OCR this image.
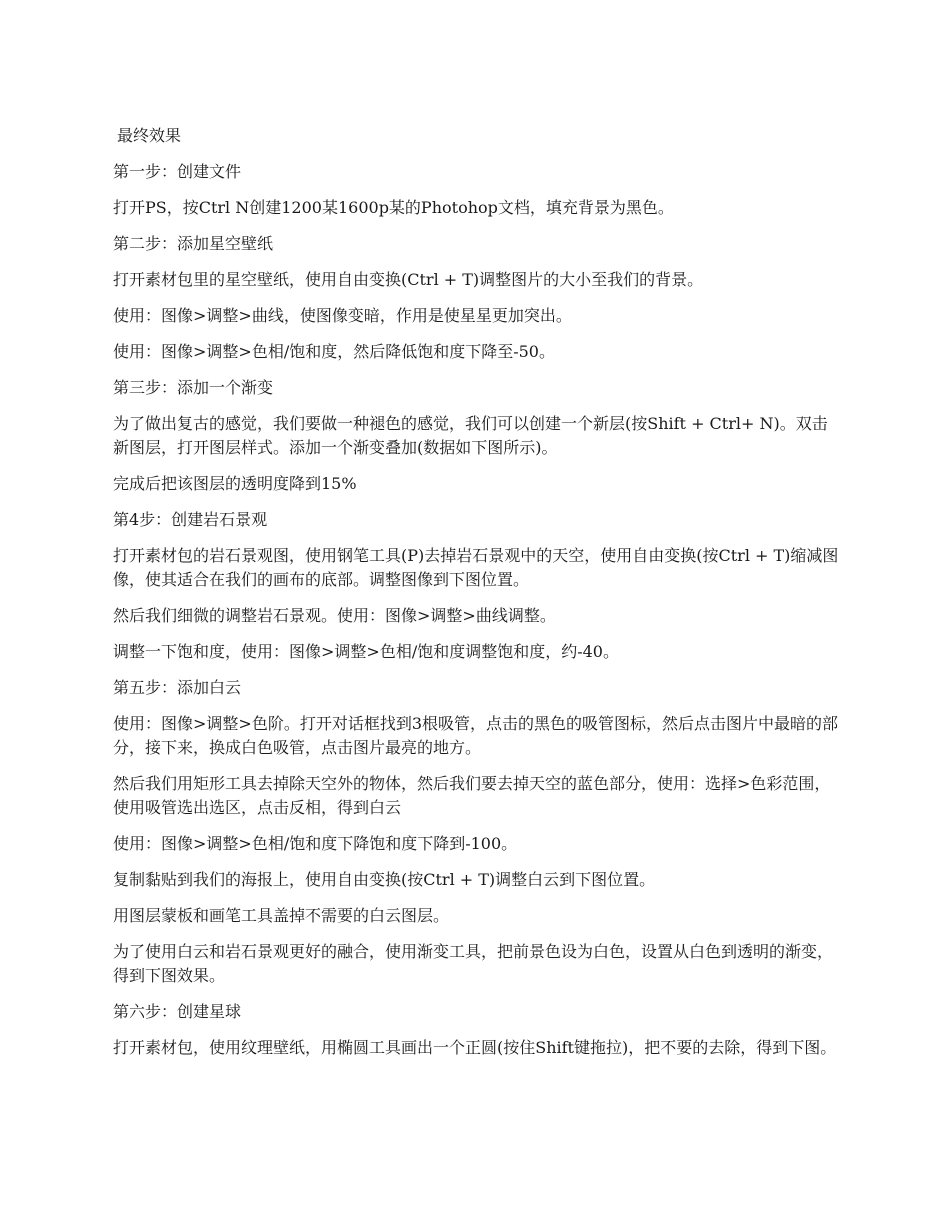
最终效果

第一步：创建文件

打开PS，按Ctrl N创建1200某1600p某的Photohop文档，填充背景为黑色。

第二步：添加星空壁纸

打开素材包里的星空壁纸，使用自由变换(Ctrl + T)调整图片的大小至我们的背景。

使用：图像>调整>曲线，使图像变暗，作用是使星星更加突出。

使用：图像>调整>色相/饱和度，然后降低饱和度下降至-50。

第三步：添加一个渐变

为了做出复古的感觉，我们要做一种褪色的感觉，我们可以创建一个新层(按Shift + Ctrl+ N)。双击新图层，打开图层样式。添加一个渐变叠加(数据如下图所示)。

完成后把该图层的透明度降到15%

第4步：创建岩石景观

打开素材包的岩石景观图，使用钢笔工具(P)去掉岩石景观中的天空，使用自由变换(按Ctrl + T)缩减图像，使其适合在我们的画布的底部。调整图像到下图位置。

然后我们细微的调整岩石景观。使用：图像>调整>曲线调整。

调整一下饱和度，使用：图像>调整>色相/饱和度调整饱和度，约-40。

第五步：添加白云

使用：图像>调整>色阶。打开对话框找到3根吸管，点击的黑色的吸管图标，然后点击图片中最暗的部分，接下来，换成白色吸管，点击图片最亮的地方。

然后我们用矩形工具去掉除天空外的物体，然后我们要去掉天空的蓝色部分，使用：选择>色彩范围，使用吸管选出选区，点击反相，得到白云

使用：图像>调整>色相/饱和度下降饱和度下降到-100。

复制黏贴到我们的海报上，使用自由变换(按Ctrl + T)调整白云到下图位置。

用图层蒙板和画笔工具盖掉不需要的白云图层。

为了使用白云和岩石景观更好的融合，使用渐变工具，把前景色设为白色，设置从白色到透明的渐变，得到下图效果。

第六步：创建星球

打开素材包，使用纹理壁纸，用椭圆工具画出一个正圆(按住Shift键拖拉)，把不要的去除，得到下图。
